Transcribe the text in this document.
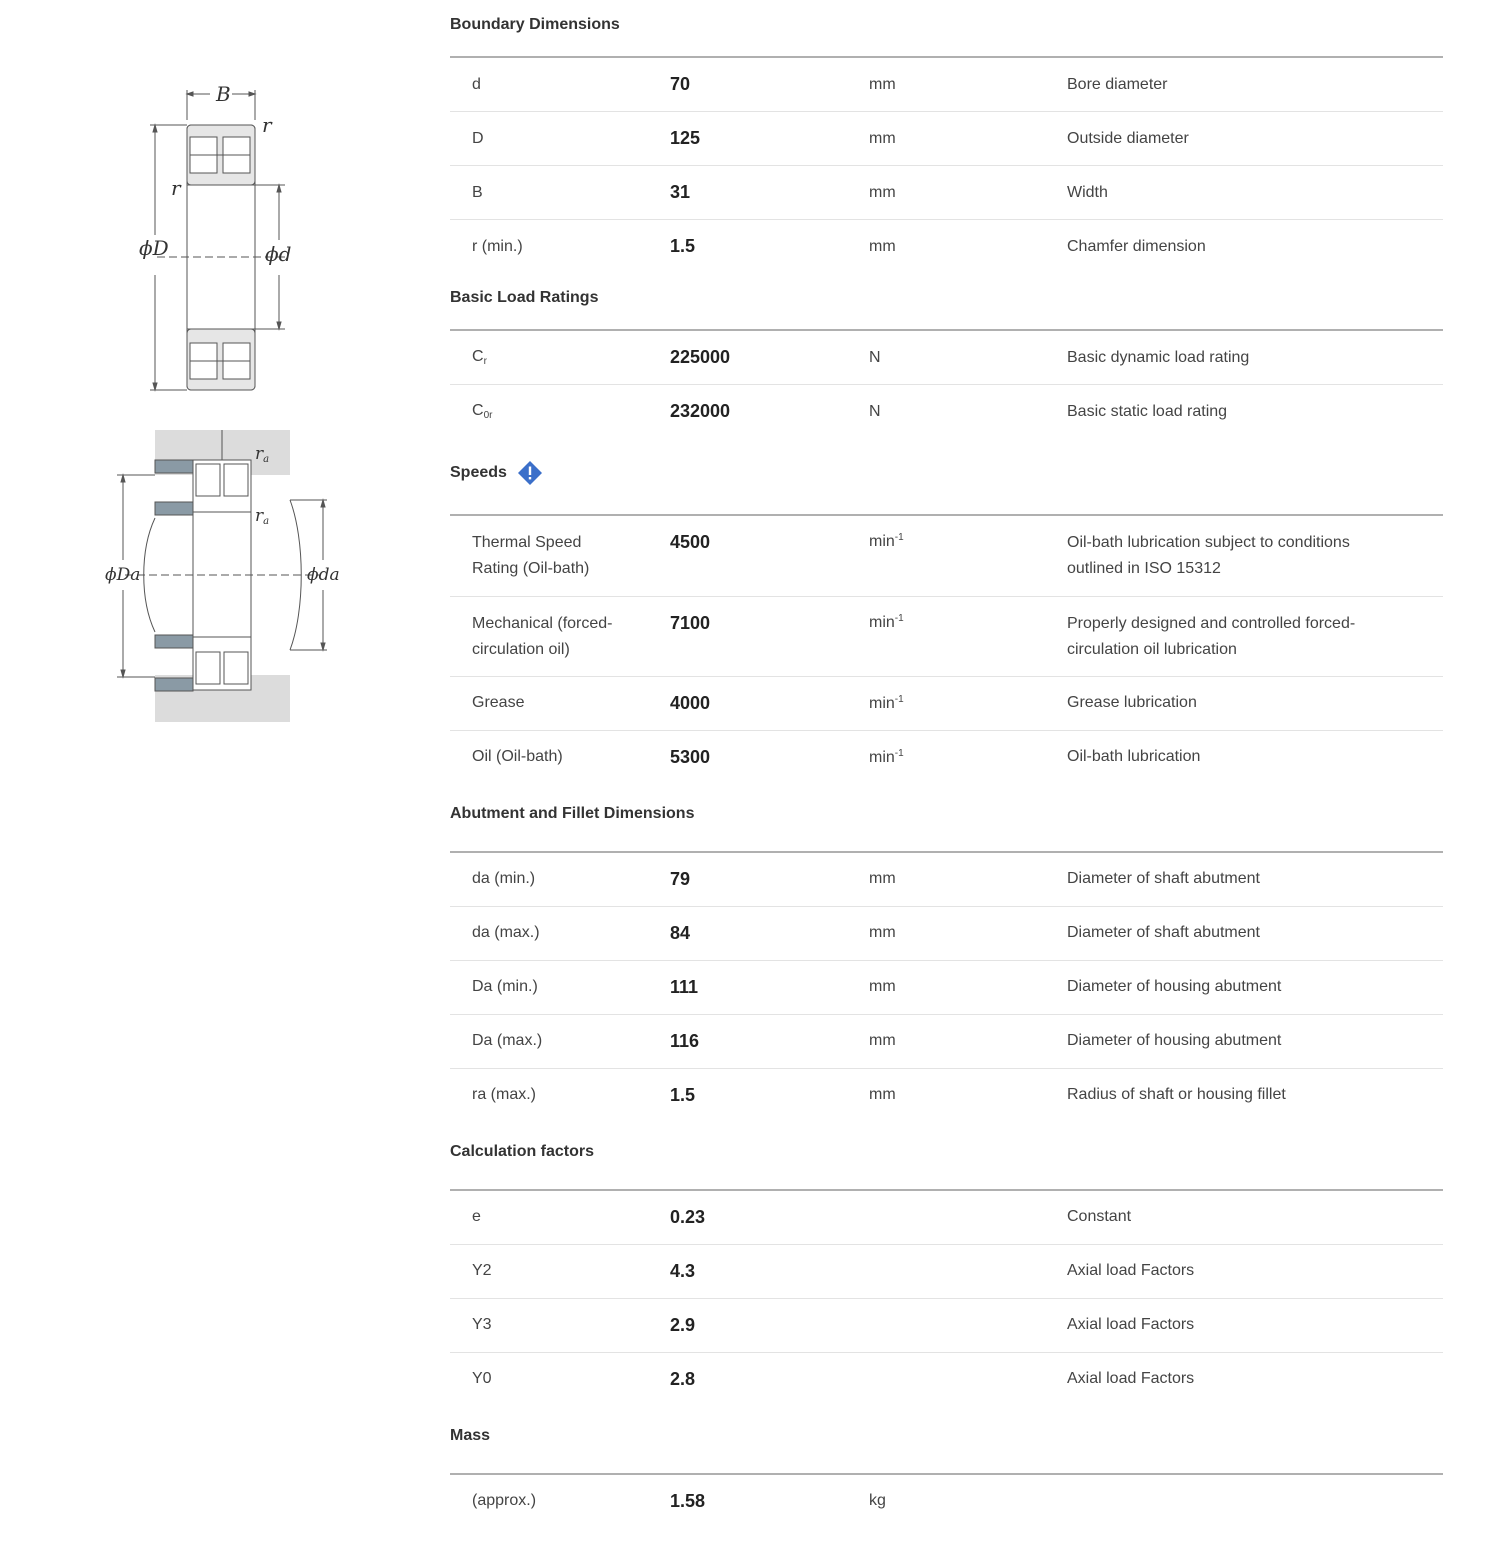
B
r
r
ϕD	ϕd
ra
ra
ϕDa	ϕda
Boundary Dimensions
d	70	mm	Bore diameter
D	125	mm	Outside diameter
B	31	mm	Width
r (min.)	1.5	mm	Chamfer dimension
Basic Load Ratings
$C_r$	225000	N	Basic dynamic load rating
$C_{0r}$	232000	N	Basic static load rating
Speeds
Thermal Speed Rating (Oil-bath)	4500	$\min^{-1}$	Oil-bath lubrication subject to conditions outlined in ISO 15312
Mechanical (forced-circulation oil)	7100	$\min^{-1}$	Properly designed and controlled forced-circulation oil lubrication
Grease	4000	$\min^{-1}$	Grease lubrication
Oil (Oil-bath)	5300	$\min^{-1}$	Oil-bath lubrication
Abutment and Fillet Dimensions
da (min.)	79	mm	Diameter of shaft abutment
da (max.)	84	mm	Diameter of shaft abutment
Da (min.)	111	mm	Diameter of housing abutment
Da (max.)	116	mm	Diameter of housing abutment
ra (max.)	1.5	mm	Radius of shaft or housing fillet
Calculation factors
e	0.23		Constant
Y2	4.3		Axial load Factors
Y3	2.9		Axial load Factors
Y0	2.8		Axial load Factors
Mass
(approx.)	1.58	kg	
